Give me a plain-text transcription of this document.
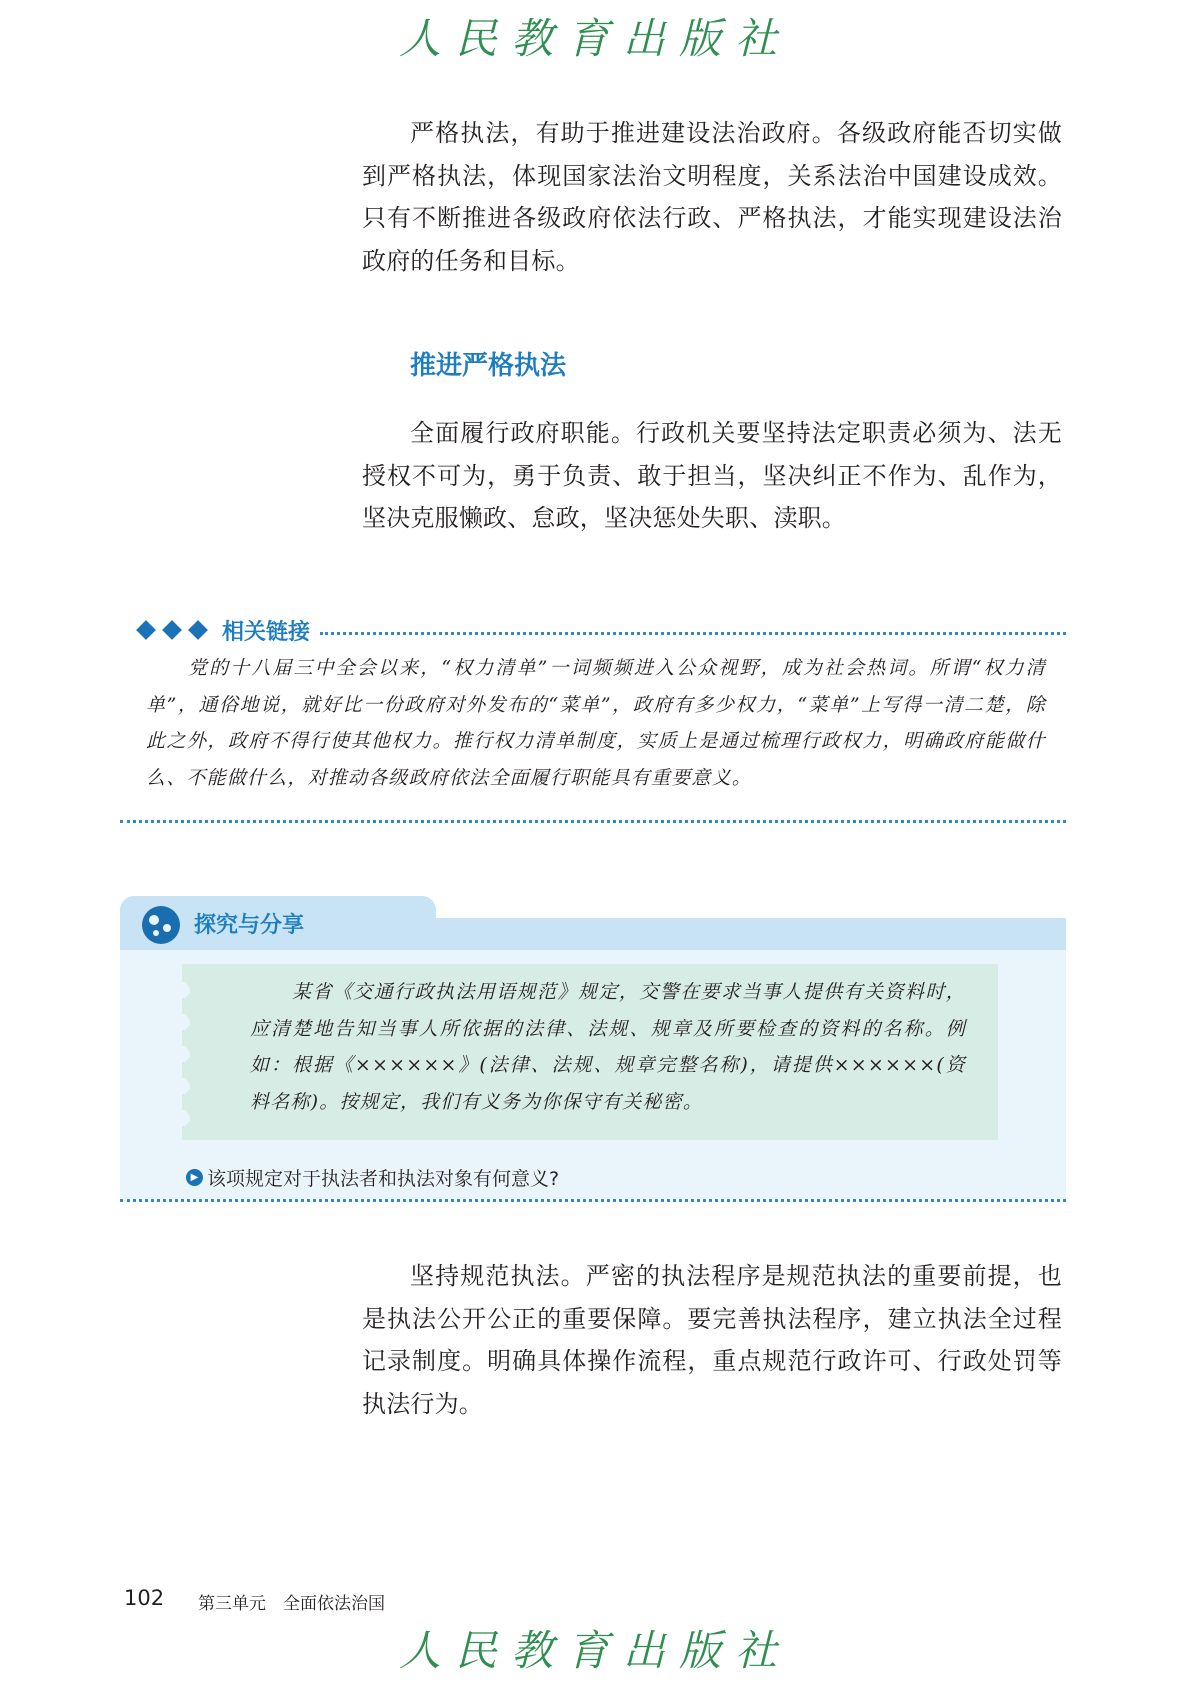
人民教育出版社

严格执法，有助于推进建设法治政府。各级政府能否切实做到严格执法，体现国家法治文明程度，关系法治中国建设成效。只有不断推进各级政府依法行政、严格执法，才能实现建设法治政府的任务和目标。

推进严格执法

全面履行政府职能。行政机关要坚持法定职责必须为、法无授权不可为，勇于负责、敢于担当，坚决纠正不作为、乱作为，坚决克服懒政、怠政，坚决惩处失职、渎职。

相关链接

党的十八届三中全会以来，“权力清单”一词频频进入公众视野，成为社会热词。所谓“权力清单”，通俗地说，就好比一份政府对外发布的“菜单”，政府有多少权力，“菜单”上写得一清二楚，除此之外，政府不得行使其他权力。推行权力清单制度，实质上是通过梳理行政权力，明确政府能做什么、不能做什么，对推动各级政府依法全面履行职能具有重要意义。

探究与分享

某省《交通行政执法用语规范》规定，交警在要求当事人提供有关资料时，应清楚地告知当事人所依据的法律、法规、规章及所要检查的资料的名称。例如：根据《××××××》(法律、法规、规章完整名称)，请提供××××××(资料名称)。按规定，我们有义务为你保守有关秘密。

▶ 该项规定对于执法者和执法对象有何意义?

坚持规范执法。严密的执法程序是规范执法的重要前提，也是执法公开公正的重要保障。要完善执法程序，建立执法全过程记录制度。明确具体操作流程，重点规范行政许可、行政处罚等执法行为。

102 第三单元　全面依法治国

人民教育出版社
